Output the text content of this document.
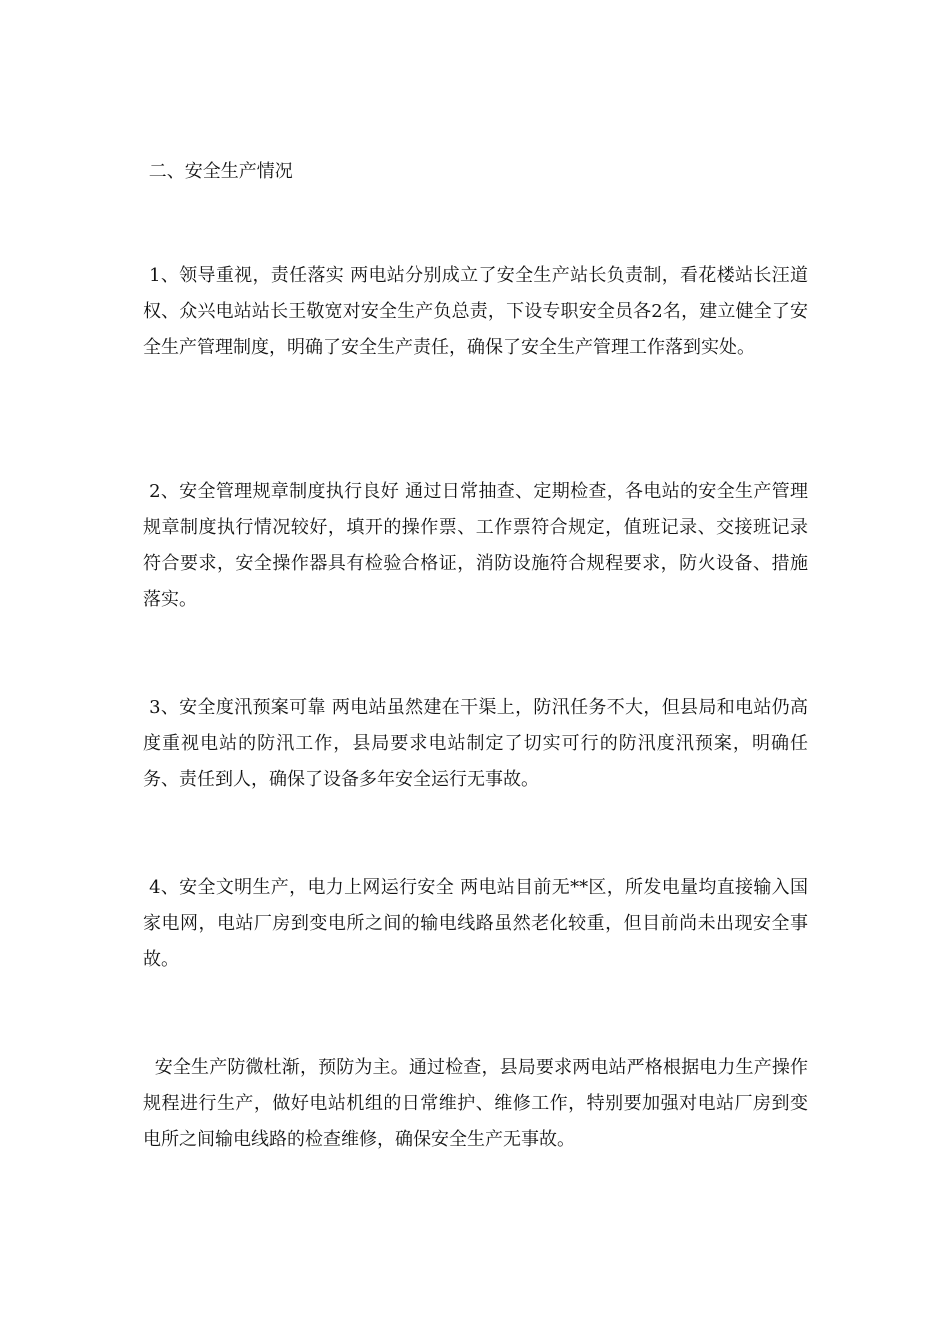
二、安全生产情况
1、领导重视，责任落实 两电站分别成立了安全生产站长负责制，看花楼站长汪道权、众兴电站站长王敬宽对安全生产负总责，下设专职安全员各2名，建立健全了安全生产管理制度，明确了安全生产责任，确保了安全生产管理工作落到实处。
2、安全管理规章制度执行良好 通过日常抽查、定期检查，各电站的安全生产管理规章制度执行情况较好，填开的操作票、工作票符合规定，值班记录、交接班记录符合要求，安全操作器具有检验合格证，消防设施符合规程要求，防火设备、措施落实。
3、安全度汛预案可靠 两电站虽然建在干渠上，防汛任务不大，但县局和电站仍高度重视电站的防汛工作，县局要求电站制定了切实可行的防汛度汛预案，明确任务、责任到人，确保了设备多年安全运行无事故。
4、安全文明生产，电力上网运行安全 两电站目前无**区，所发电量均直接输入国家电网，电站厂房到变电所之间的输电线路虽然老化较重，但目前尚未出现安全事故。
安全生产防微杜渐，预防为主。通过检查，县局要求两电站严格根据电力生产操作规程进行生产，做好电站机组的日常维护、维修工作，特别要加强对电站厂房到变电所之间输电线路的检查维修，确保安全生产无事故。
